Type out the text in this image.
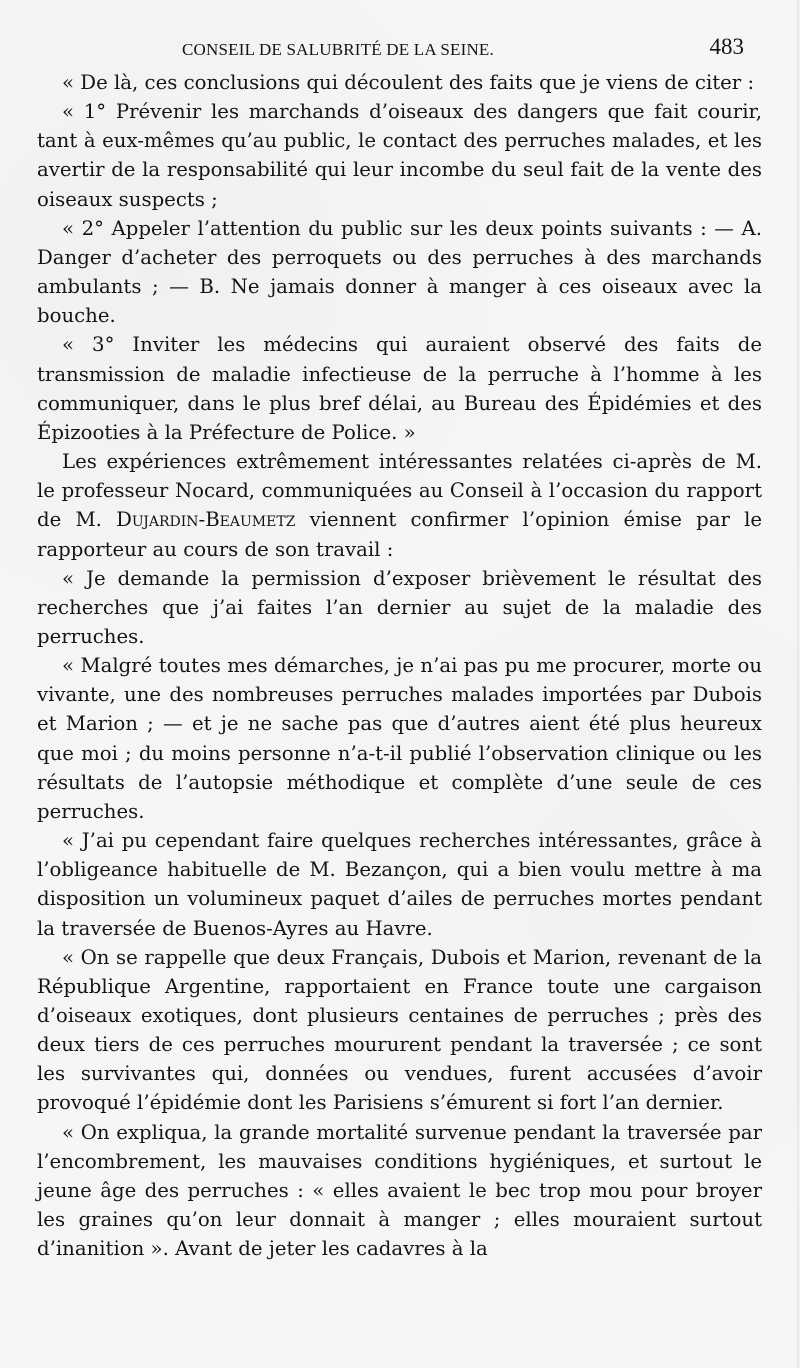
CONSEIL DE SALUBRITÉ DE LA SEINE.	483

« De là, ces conclusions qui découlent des faits que je viens de citer :

« 1° Prévenir les marchands d’oiseaux des dangers que fait courir, tant à eux-mêmes qu’au public, le contact des perruches malades, et les avertir de la responsabilité qui leur incombe du seul fait de la vente des oiseaux suspects ;

« 2° Appeler l’attention du public sur les deux points suivants : — A. Danger d’acheter des perroquets ou des perruches à des marchands ambulants ; — B. Ne jamais donner à manger à ces oiseaux avec la bouche.

« 3° Inviter les médecins qui auraient observé des faits de transmission de maladie infectieuse de la perruche à l’homme à les communiquer, dans le plus bref délai, au Bureau des Épidémies et des Épizooties à la Préfecture de Police. »

Les expériences extrêmement intéressantes relatées ci-après de M. le professeur Nocard, communiquées au Conseil à l’occasion du rapport de M. Dujardin-Beaumetz viennent confirmer l’opinion émise par le rapporteur au cours de son travail :

« Je demande la permission d’exposer brièvement le résultat des recherches que j’ai faites l’an dernier au sujet de la maladie des perruches.

« Malgré toutes mes démarches, je n’ai pas pu me procurer, morte ou vivante, une des nombreuses perruches malades importées par Dubois et Marion ; — et je ne sache pas que d’autres aient été plus heureux que moi ; du moins personne n’a-t-il publié l’observation clinique ou les résultats de l’autopsie méthodique et complète d’une seule de ces perruches.

« J’ai pu cependant faire quelques recherches intéressantes, grâce à l’obligeance habituelle de M. Bezançon, qui a bien voulu mettre à ma disposition un volumineux paquet d’ailes de perruches mortes pendant la traversée de Buenos-Ayres au Havre.

« On se rappelle que deux Français, Dubois et Marion, revenant de la République Argentine, rapportaient en France toute une cargaison d’oiseaux exotiques, dont plusieurs centaines de perruches ; près des deux tiers de ces perruches moururent pendant la traversée ; ce sont les survivantes qui, données ou vendues, furent accusées d’avoir provoqué l’épidémie dont les Parisiens s’émurent si fort l’an dernier.

« On expliqua, la grande mortalité survenue pendant la traversée par l’encombrement, les mauvaises conditions hygiéniques, et surtout le jeune âge des perruches : « elles avaient le bec trop mou pour broyer les graines qu’on leur donnait à manger ; elles mouraient surtout d’inanition ». Avant de jeter les cadavres à la
